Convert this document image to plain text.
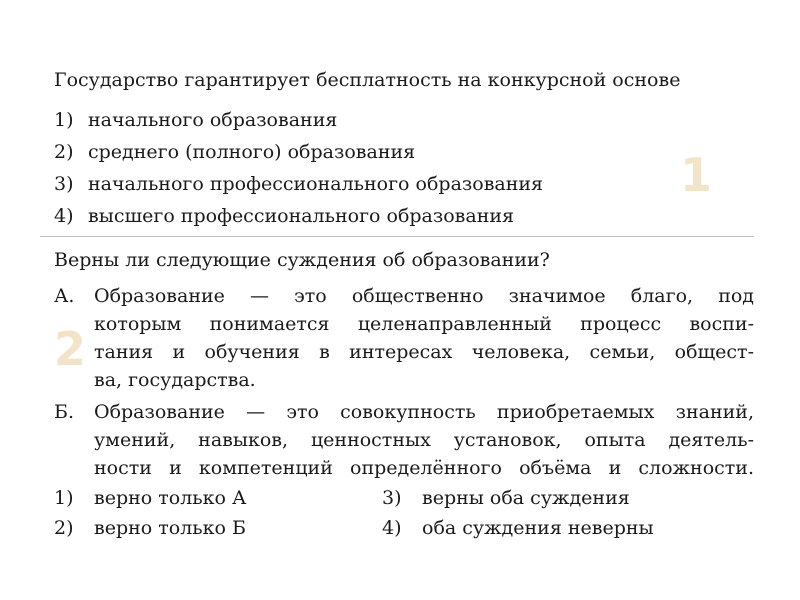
Государство гарантирует бесплатность на конкурсной основе
1) начального образования
2) среднего (полного) образования
3) начального профессионального образования
4) высшего профессионального образования
1
Верны ли следующие суждения об образовании?
А. Образование — это общественно значимое благо, под
которым понимается целенаправленный процесс воспи-
тания и обучения в интересах человека, семьи, общест-
ва, государства.
2
Б. Образование — это совокупность приобретаемых знаний,
умений, навыков, ценностных установок, опыта деятель-
ности и компетенций определённого объёма и сложности.
1) верно только А	3) верны оба суждения
2) верно только Б	4) оба суждения неверны
